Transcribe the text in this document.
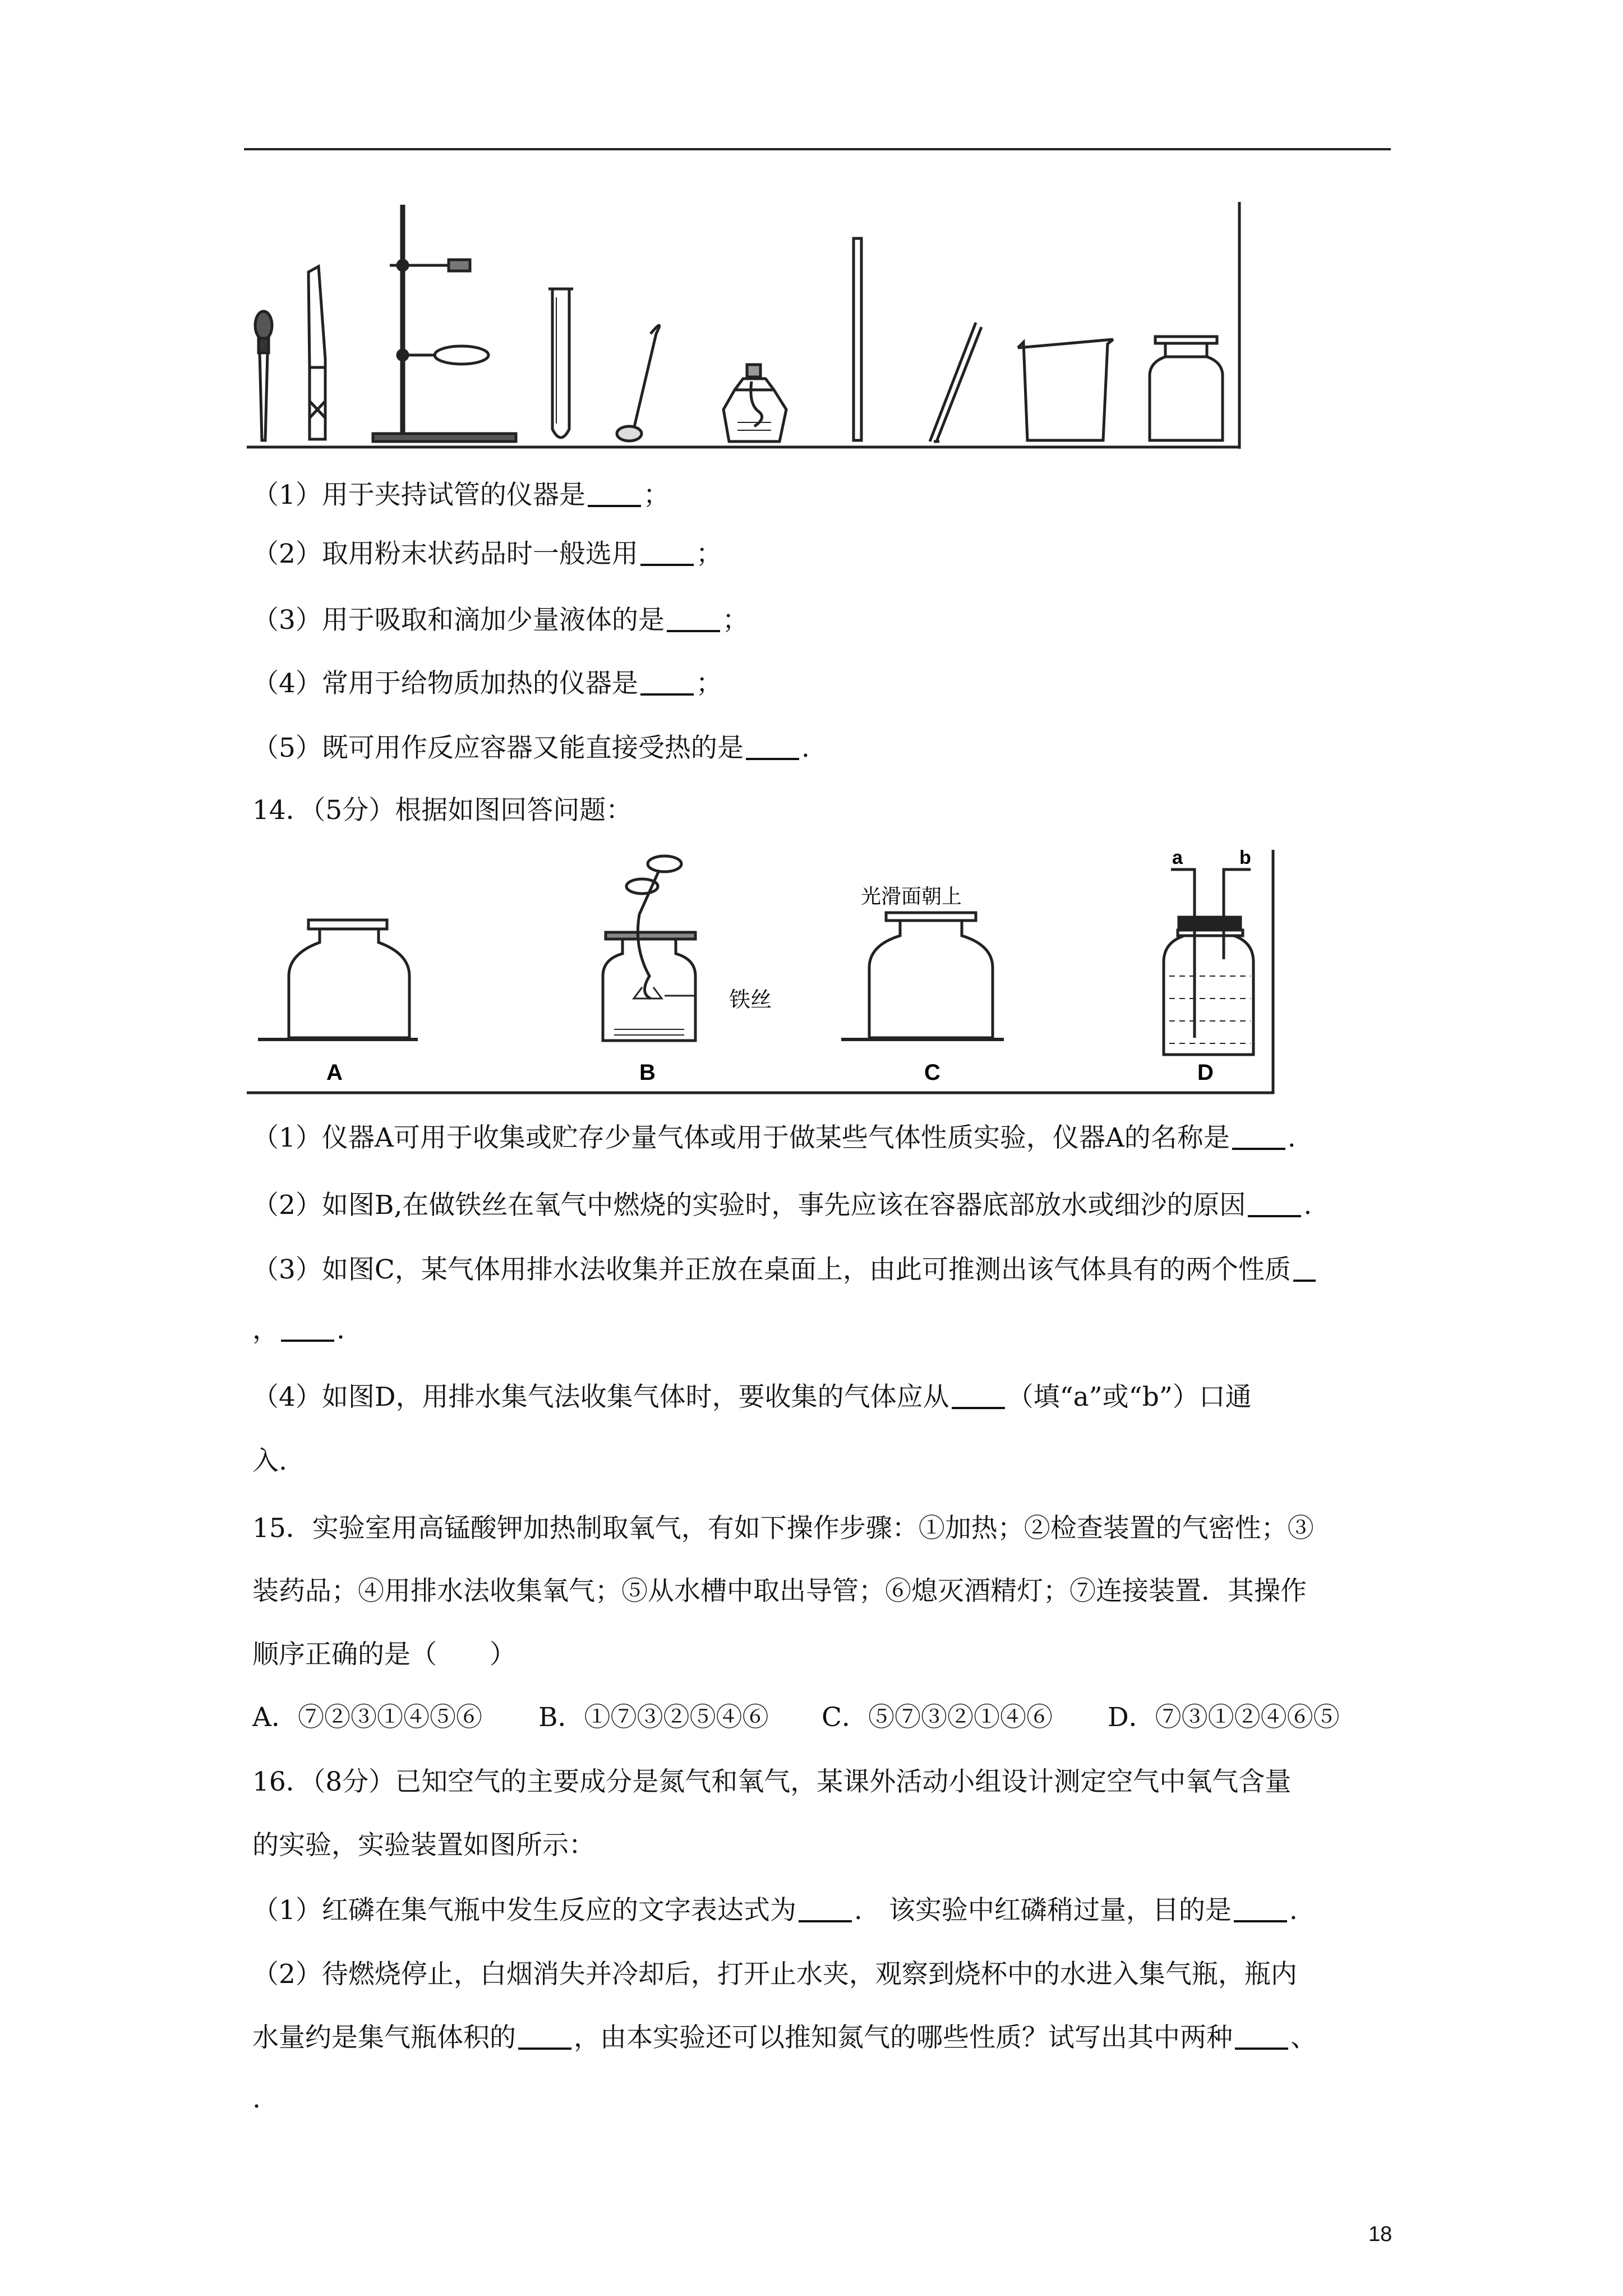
（1）用于夹持试管的仪器是 ；
（2）取用粉末状药品时一般选用 ；
（3）用于吸取和滴加少量液体的是 ；
（4）常用于给物质加热的仪器是 ；
（5）既可用作反应容器又能直接受热的是 .
14．（5分）根据如图回答问题：
A	B	C	D
铁丝
光滑面朝上
a	b
（1）仪器A可用于收集或贮存少量气体或用于做某些气体性质实验，仪器A的名称是 .
（2）如图B,在做铁丝在氧气中燃烧的实验时，事先应该在容器底部放水或细沙的原因 .
（3）如图C，某气体用排水法收集并正放在桌面上，由此可推测出该气体具有的两个性质
， .
（4）如图D，用排水集气法收集气体时，要收集的气体应从 （填“a”或“b”）口通
入.
15．实验室用高锰酸钾加热制取氧气，有如下操作步骤：①加热；②检查装置的气密性；③
装药品；④用排水法收集氧气；⑤从水槽中取出导管；⑥熄灭酒精灯；⑦连接装置．其操作
顺序正确的是（　　）
A．⑦②③①④⑤⑥ B．①⑦③②⑤④⑥ C．⑤⑦③②①④⑥ D．⑦③①②④⑥⑤
16．（8分）已知空气的主要成分是氮气和氧气，某课外活动小组设计测定空气中氧气含量
的实验，实验装置如图所示：
（1）红磷在集气瓶中发生反应的文字表达式为 .　该实验中红磷稍过量，目的是 .
（2）待燃烧停止，白烟消失并冷却后，打开止水夹，观察到烧杯中的水进入集气瓶，瓶内
水量约是集气瓶体积的 ，由本实验还可以推知氮气的哪些性质？试写出其中两种 、
.
18
